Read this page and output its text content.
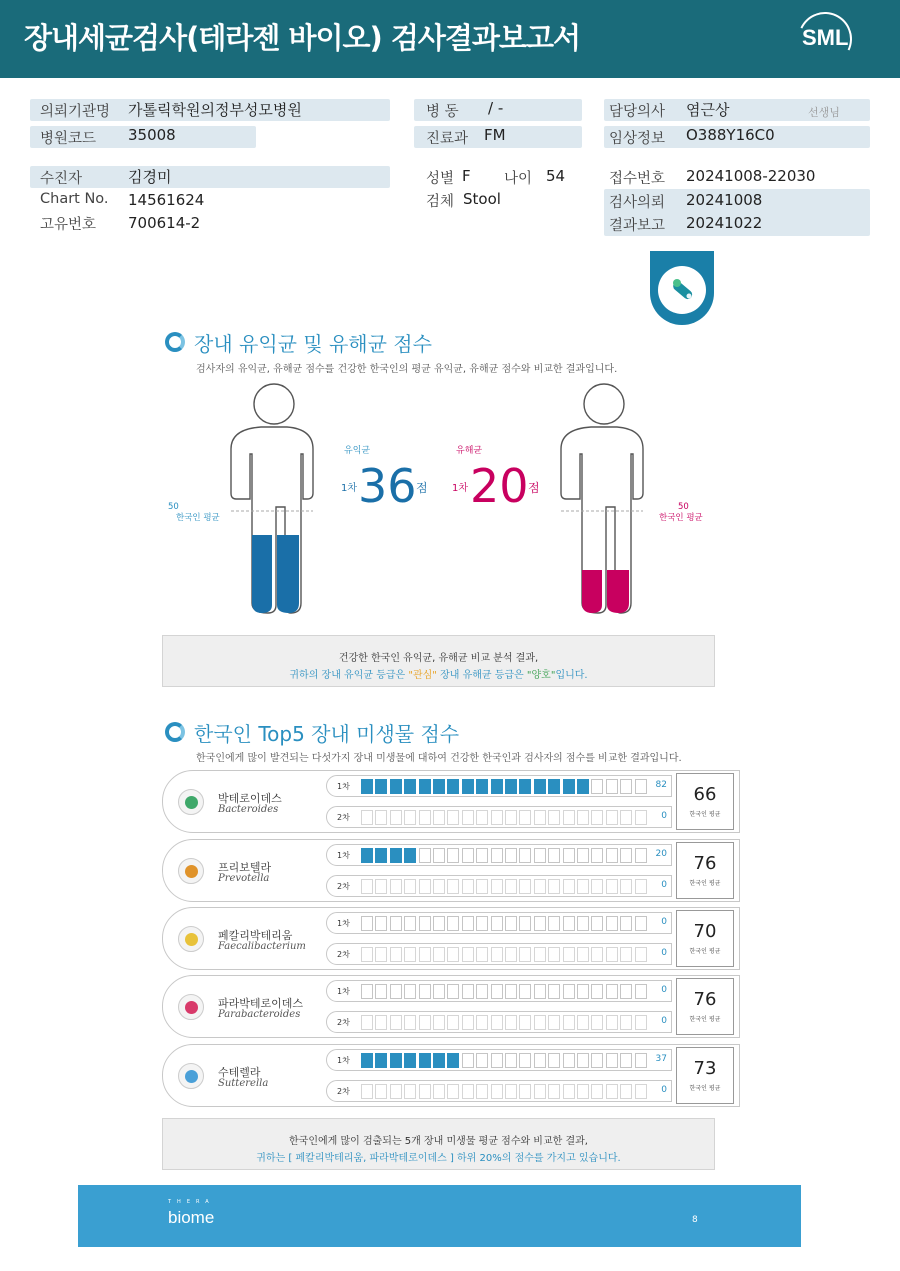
장내세균검사(테라젠 바이오) 검사결과보고서	SML
의뢰기관명 가톨릭학원의정부성모병원
병원코드 35008
병 동 / -
진료과 FM
담당의사 염근상	선생님
임상정보 O388Y16C0
수진자	김경미
Chart No. 14561624
고유번호 700614-2
성별 F 나이 54
검체 Stool
접수번호 20241008-22030
검사의뢰 20241008
결과보고 20241022
장내 유익균 및 유해균 점수
검사자의 유익균, 유해균 점수를 건강한 한국인의 평균 유익균, 유해균 점수와 비교한 결과입니다.
50
한국인 평균
유익균
1차 36 점
50
한국인 평균
유해균
1차 20 점
건강한 한국인 유익균, 유해균 비교 분석 결과,
귀하의 장내 유익균 등급은 "관심" 장내 유해균 등급은 "양호"입니다.
한국인 Top5 장내 미생물 점수
한국인에게 많이 발견되는 다섯가지 장내 미생물에 대하여 건강한 한국인과 검사자의 점수를 비교한 결과입니다.
박테로이데스
Bacteroides
1차	82
2차	0
66
한국인 평균
프리보텔라
Prevotella
1차	20
2차	0
76
한국인 평균
페칼리박테리움
Faecalibacterium
1차	0
2차	0
70
한국인 평균
파라박테로이데스
Parabacteroides
1차	0
2차	0
76
한국인 평균
수테렐라
Sutterella
1차	37
2차	0
73
한국인 평균
한국인에게 많이 검출되는 5개 장내 미생물 평균 점수와 비교한 결과,
귀하는 [ 페칼리박테리움, 파라박테로이데스 ] 하위 20%의 점수를 가지고 있습니다.
THERA
biome	8
